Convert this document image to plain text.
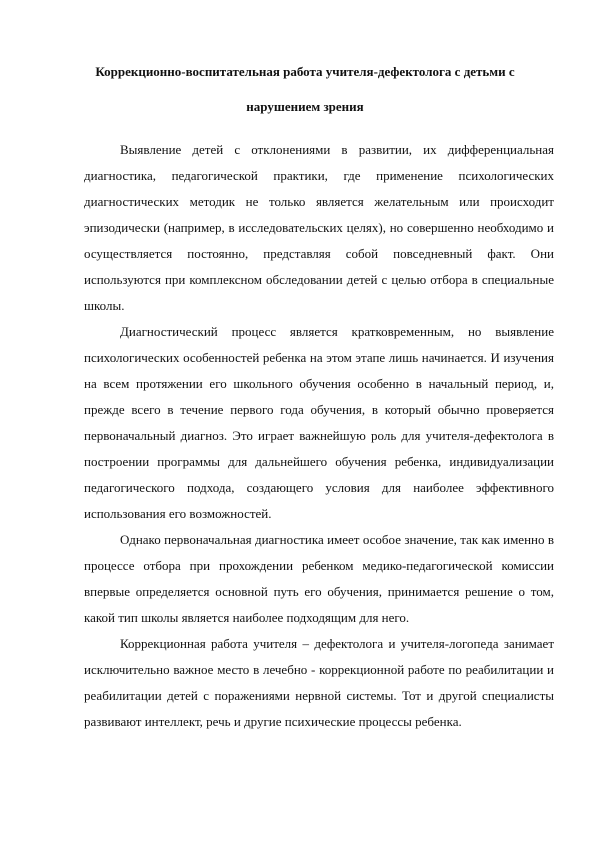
Коррекционно-воспитательная работа учителя-дефектолога с детьми с нарушением зрения

Выявление детей с отклонениями в развитии, их дифференциальная диагностика, педагогической практики, где применение психологических диагностических методик не только является желательным или происходит эпизодически (например, в исследовательских целях), но совершенно необходимо и осуществляется постоянно, представляя собой повседневный факт. Они используются при комплексном обследовании детей с целью отбора в специальные школы.

Диагностический процесс является кратковременным, но выявление психологических особенностей ребенка на этом этапе лишь начинается. И изучения на всем протяжении его школьного обучения особенно в начальный период, и, прежде всего в течение первого года обучения, в который обычно проверяется первоначальный диагноз. Это играет важнейшую роль для учителя-дефектолога в построении программы для дальнейшего обучения ребенка, индивидуализации педагогического подхода, создающего условия для наиболее эффективного использования его возможностей.

Однако первоначальная диагностика имеет особое значение, так как именно в процессе отбора при прохождении ребенком медико-педагогической комиссии впервые определяется основной путь его обучения, принимается решение о том, какой тип школы является наиболее подходящим для него.

Коррекционная работа учителя – дефектолога и учителя-логопеда занимает исключительно важное место в лечебно - коррекционной работе по реабилитации и реабилитации детей с поражениями нервной системы. Тот и другой специалисты развивают интеллект, речь и другие психические процессы ребенка.
